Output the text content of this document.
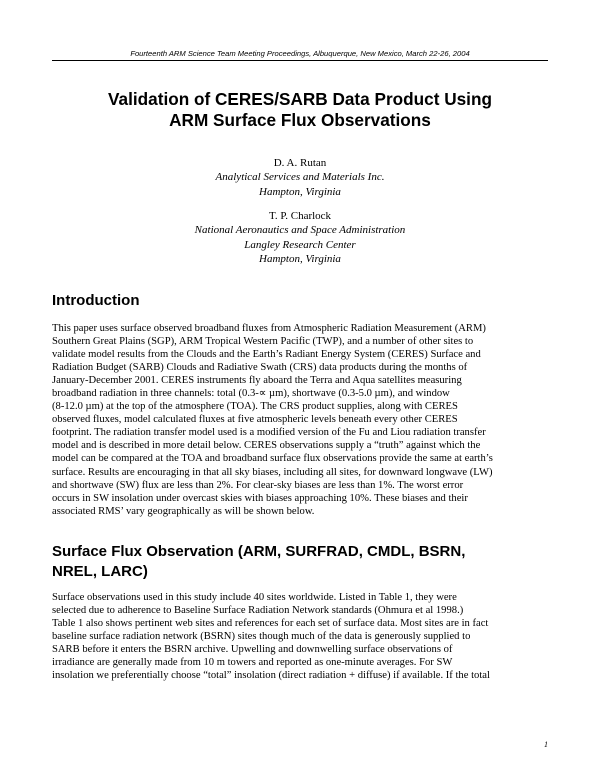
Fourteenth ARM Science Team Meeting Proceedings, Albuquerque, New Mexico, March 22-26, 2004
Validation of CERES/SARB Data Product Using
ARM Surface Flux Observations
D. A. Rutan
Analytical Services and Materials Inc.
Hampton, Virginia
T. P. Charlock
National Aeronautics and Space Administration
Langley Research Center
Hampton, Virginia
Introduction
This paper uses surface observed broadband fluxes from Atmospheric Radiation Measurement (ARM)
Southern Great Plains (SGP), ARM Tropical Western Pacific (TWP), and a number of other sites to
validate model results from the Clouds and the Earth’s Radiant Energy System (CERES) Surface and
Radiation Budget (SARB) Clouds and Radiative Swath (CRS) data products during the months of
January-December 2001. CERES instruments fly aboard the Terra and Aqua satellites measuring
broadband radiation in three channels: total (0.3-∝ µm), shortwave (0.3-5.0 µm), and window
(8-12.0 µm) at the top of the atmosphere (TOA). The CRS product supplies, along with CERES
observed fluxes, model calculated fluxes at five atmospheric levels beneath every other CERES
footprint. The radiation transfer model used is a modified version of the Fu and Liou radiation transfer
model and is described in more detail below. CERES observations supply a “truth” against which the
model can be compared at the TOA and broadband surface flux observations provide the same at earth’s
surface. Results are encouraging in that all sky biases, including all sites, for downward longwave (LW)
and shortwave (SW) flux are less than 2%. For clear-sky biases are less than 1%. The worst error
occurs in SW insolation under overcast skies with biases approaching 10%. These biases and their
associated RMS’ vary geographically as will be shown below.
Surface Flux Observation (ARM, SURFRAD, CMDL, BSRN,
NREL, LARC)
Surface observations used in this study include 40 sites worldwide. Listed in Table 1, they were
selected due to adherence to Baseline Surface Radiation Network standards (Ohmura et al 1998.)
Table 1 also shows pertinent web sites and references for each set of surface data. Most sites are in fact
baseline surface radiation network (BSRN) sites though much of the data is generously supplied to
SARB before it enters the BSRN archive. Upwelling and downwelling surface observations of
irradiance are generally made from 10 m towers and reported as one-minute averages. For SW
insolation we preferentially choose “total” insolation (direct radiation + diffuse) if available. If the total
1
